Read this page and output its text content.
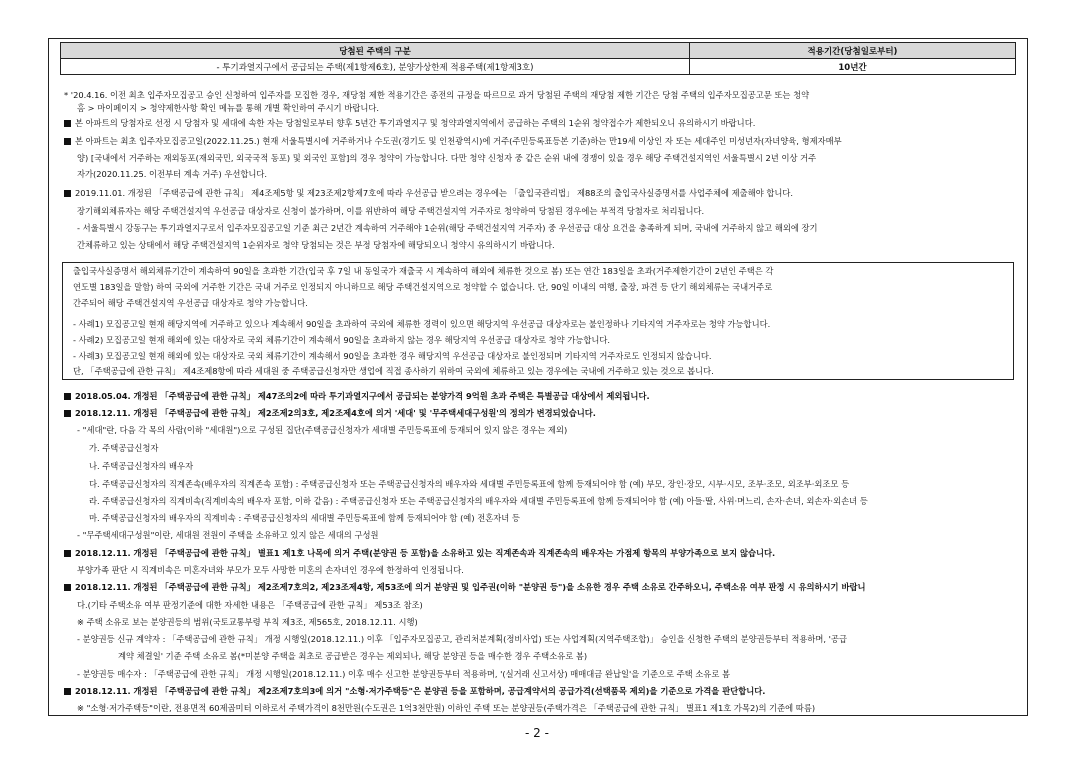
당첨된 주택의 구분	적용기간(당첨일로부터)
- 투기과열지구에서 공급되는 주택(제1항제6호), 분양가상한제 적용주택(제1항제3호)	10년간
* '20.4.16. 이전 최초 입주자모집공고 승인 신청하여 입주자를 모집한 경우, 재당첨 제한 적용기간은 종전의 규정을 따르므로 과거 당첨된 주택의 재당첨 제한 기간은 당첨 주택의 입주자모집공고문 또는 청약
홈 > 마이페이지 > 청약제한사항 확인 메뉴를 통해 개별 확인하여 주시기 바랍니다.
본 아파트의 당첨자로 선정 시 당첨자 및 세대에 속한 자는 당첨일로부터 향후 5년간 투기과열지구 및 청약과열지역에서 공급하는 주택의 1순위 청약접수가 제한되오니 유의하시기 바랍니다.
본 아파트는 최초 입주자모집공고일(2022.11.25.) 현재 서울특별시에 거주하거나 수도권(경기도 및 인천광역시)에 거주(주민등록표등본 기준)하는 만19세 이상인 자 또는 세대주인 미성년자(자녀양육, 형제자매부
양) [국내에서 거주하는 재외동포(재외국민, 외국국적 동포) 및 외국인 포함]의 경우 청약이 가능합니다. 다만 청약 신청자 중 같은 순위 내에 경쟁이 있을 경우 해당 주택건설지역인 서울특별시 2년 이상 거주
자가(2020.11.25. 이전부터 계속 거주) 우선합니다.
2019.11.01. 개정된 「주택공급에 관한 규칙」 제4조제5항 및 제23조제2항제7호에 따라 우선공급 받으려는 경우에는 「출입국관리법」 제88조의 출입국사실증명서를 사업주체에 제출해야 합니다.
장기해외체류자는 해당 주택건설지역 우선공급 대상자로 신청이 불가하며, 이를 위반하여 해당 주택건설지역 거주자로 청약하여 당첨된 경우에는 부적격 당첨자로 처리됩니다.
- 서울특별시 강동구는 투기과열지구로서 입주자모집공고일 기준 최근 2년간 계속하여 거주해야 1순위(해당 주택건설지역 거주자) 중 우선공급 대상 요건을 충족하게 되며, 국내에 거주하지 않고 해외에 장기
간체류하고 있는 상태에서 해당 주택건설지역 1순위자로 청약 당첨되는 것은 부정 당첨자에 해당되오니 청약시 유의하시기 바랍니다.
출입국사실증명서 해외체류기간이 계속하여 90일을 초과한 기간(입국 후 7일 내 동일국가 재출국 시 계속하여 해외에 체류한 것으로 봄) 또는 연간 183일을 초과(거주제한기간이 2년인 주택은 각
연도별 183일을 말함) 하여 국외에 거주한 기간은 국내 거주로 인정되지 아니하므로 해당 주택건설지역으로 청약할 수 없습니다. 단, 90일 이내의 여행, 출장, 파견 등 단기 해외체류는 국내거주로
간주되어 해당 주택건설지역 우선공급 대상자로 청약 가능합니다.
- 사례1) 모집공고일 현재 해당지역에 거주하고 있으나 계속해서 90일을 초과하여 국외에 체류한 경력이 있으면 해당지역 우선공급 대상자로는 불인정하나 기타지역 거주자로는 청약 가능합니다.
- 사례2) 모집공고일 현재 해외에 있는 대상자로 국외 체류기간이 계속해서 90일을 초과하지 않는 경우 해당지역 우선공급 대상자로 청약 가능합니다.
- 사례3) 모집공고일 현재 해외에 있는 대상자로 국외 체류기간이 계속해서 90일을 초과한 경우 해당지역 우선공급 대상자로 불인정되며 기타지역 거주자로도 인정되지 않습니다.
단, 「주택공급에 관한 규칙」 제4조제8항에 따라 세대원 중 주택공급신청자만 생업에 직접 종사하기 위하여 국외에 체류하고 있는 경우에는 국내에 거주하고 있는 것으로 봅니다.
2018.05.04. 개정된 「주택공급에 관한 규칙」 제47조의2에 따라 투기과열지구에서 공급되는 분양가격 9억원 초과 주택은 특별공급 대상에서 제외됩니다.
2018.12.11. 개정된 「주택공급에 관한 규칙」 제2조제2의3호, 제2조제4호에 의거 '세대' 및 '무주택세대구성원'의 정의가 변경되었습니다.
- "세대"란, 다음 각 목의 사람(이하 "세대원")으로 구성된 집단(주택공급신청자가 세대별 주민등록표에 등재되어 있지 않은 경우는 제외)
가. 주택공급신청자
나. 주택공급신청자의 배우자
다. 주택공급신청자의 직계존속(배우자의 직계존속 포함) : 주택공급신청자 또는 주택공급신청자의 배우자와 세대별 주민등록표에 함께 등재되어야 함 (예) 부모, 장인·장모, 시부·시모, 조부·조모, 외조부·외조모 등
라. 주택공급신청자의 직계비속(직계비속의 배우자 포함, 이하 같음) : 주택공급신청자 또는 주택공급신청자의 배우자와 세대별 주민등록표에 함께 등재되어야 함 (예) 아들·딸, 사위·며느리, 손자·손녀, 외손자·외손녀 등
마. 주택공급신청자의 배우자의 직계비속 : 주택공급신청자의 세대별 주민등록표에 함께 등재되어야 함 (예) 전혼자녀 등
- "무주택세대구성원"이란, 세대원 전원이 주택을 소유하고 있지 않은 세대의 구성원
2018.12.11. 개정된 「주택공급에 관한 규칙」 별표1 제1호 나목에 의거 주택(분양권 등 포함)을 소유하고 있는 직계존속과 직계존속의 배우자는 가점제 항목의 부양가족으로 보지 않습니다.
부양가족 판단 시 직계비속은 미혼자녀와 부모가 모두 사망한 미혼의 손자녀인 경우에 한정하여 인정됩니다.
2018.12.11. 개정된 「주택공급에 관한 규칙」 제2조제7호의2, 제23조제4항, 제53조에 의거 분양권 및 입주권(이하 "분양권 등")을 소유한 경우 주택 소유로 간주하오니, 주택소유 여부 판정 시 유의하시기 바랍니
다.(기타 주택소유 여부 판정기준에 대한 자세한 내용은 「주택공급에 관한 규칙」 제53조 참조)
※ 주택 소유로 보는 분양권등의 범위(국토교통부령 부칙 제3조, 제565호, 2018.12.11. 시행)
- 분양권등 신규 계약자 : 「주택공급에 관한 규칙」 개정 시행일(2018.12.11.) 이후 「입주자모집공고, 관리처분계획(정비사업) 또는 사업계획(지역주택조합)」 승인을 신청한 주택의 분양권등부터 적용하며, '공급
계약 체결일' 기준 주택 소유로 봄(*미분양 주택을 최초로 공급받은 경우는 제외되나, 해당 분양권 등을 매수한 경우 주택소유로 봄)
- 분양권등 매수자 : 「주택공급에 관한 규칙」 개정 시행일(2018.12.11.) 이후 매수 신고한 분양권등부터 적용하며, '(실거래 신고서상) 매매대금 완납일'을 기준으로 주택 소유로 봄
2018.12.11. 개정된 「주택공급에 관한 규칙」 제2조제7호의3에 의거 "소형·저가주택등"은 분양권 등을 포함하며, 공급계약서의 공급가격(선택품목 제외)을 기준으로 가격을 판단합니다.
※ "소형·저가주택등"이란, 전용면적 60제곱미터 이하로서 주택가격이 8천만원(수도권은 1억3천만원) 이하인 주택 또는 분양권등(주택가격은 「주택공급에 관한 규칙」 별표1 제1호 가목2)의 기준에 따름)
- 2 -
